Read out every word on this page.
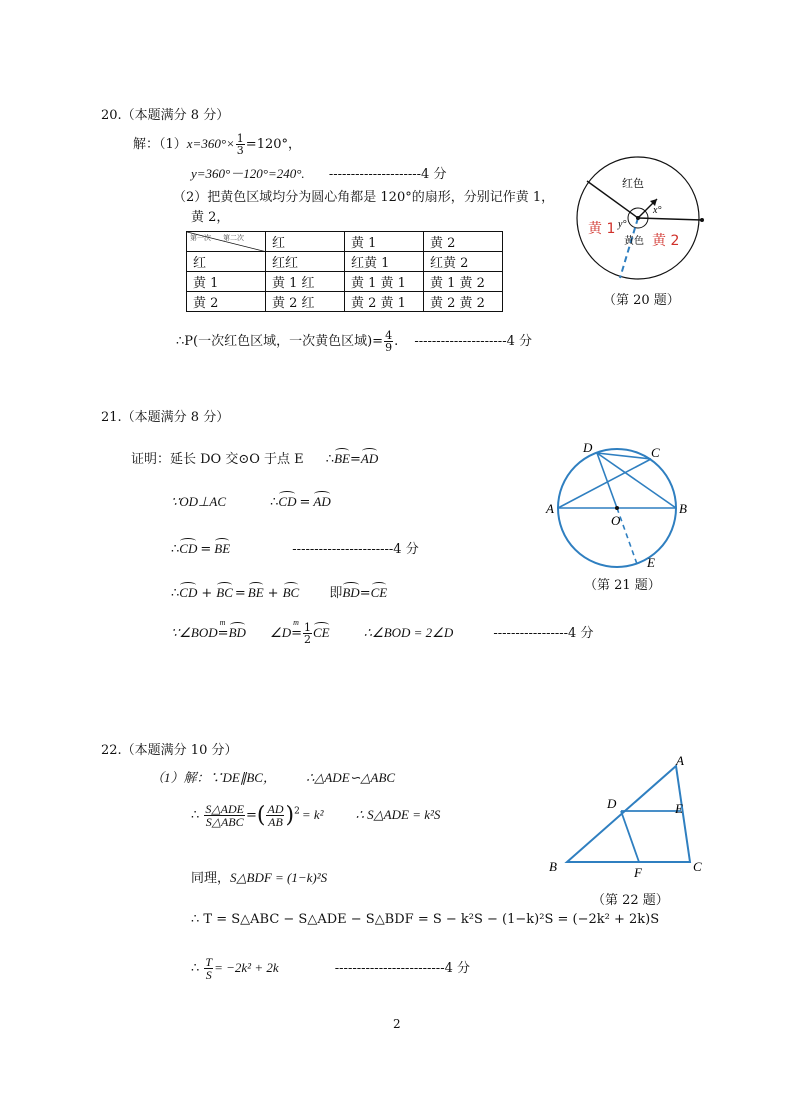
20.（本题满分 8 分）
解：$(1)x=360^\circ\times \frac{1}{3} =120^\circ$，
y=360°－120°=240°. ---------------------4 分
（2）把黄色区域均分为圆心角都是 120°的扇形，分别记作黄 1，
黄 2，
第一次 第二次	红	黄 1	黄 2
红	红红	红黄 1	红黄 2
黄 1	黄 1 红	黄 1 黄 1	黄 1 黄 2
黄 2	黄 2 红	黄 2 黄 1	黄 2 黄 2
∴P(一次红色区域，一次黄色区域)= $\frac{4}{9}$ . ---------------------4 分
红色
x°
y°
黄色
黄 1
黄 2
（第 20 题）
21.（本题满分 8 分）
证明：延长 DO 交⊙O 于点 E ∴BE=AD
∵OD⊥AC	∴CD = AD
∴CD = BE	-----------------------4 分
∴CD + BC = BE + BC 即BD=CE
∵∠BOD
m
=BD ∠D
m
= $\frac{1}{2}$ CE	∴∠BOD = 2∠D	-----------------4 分
D	C
A	B
O
E
（第 21 题）
22.（本题满分 10 分）
（1）解：∵DE∥BC， ∴△ADE∽△ABC
∴ $\frac{\text{S△ADE}}{\text{S△ABC}}$ =( $\frac{AD}{AB} )^2 = k^2$ ∴ S△ADE = k²S
同理，S△BDF = (1−k)²S
∴ T = S△ABC − S△ADE − S△BDF = S − k²S − (1−k)²S = (−2k² + 2k)S
∴ $\frac{T}{S} = -2k^2 + 2k$	-------------------------4 分
A
D	E
B	F	C
（第 22 题）
2
